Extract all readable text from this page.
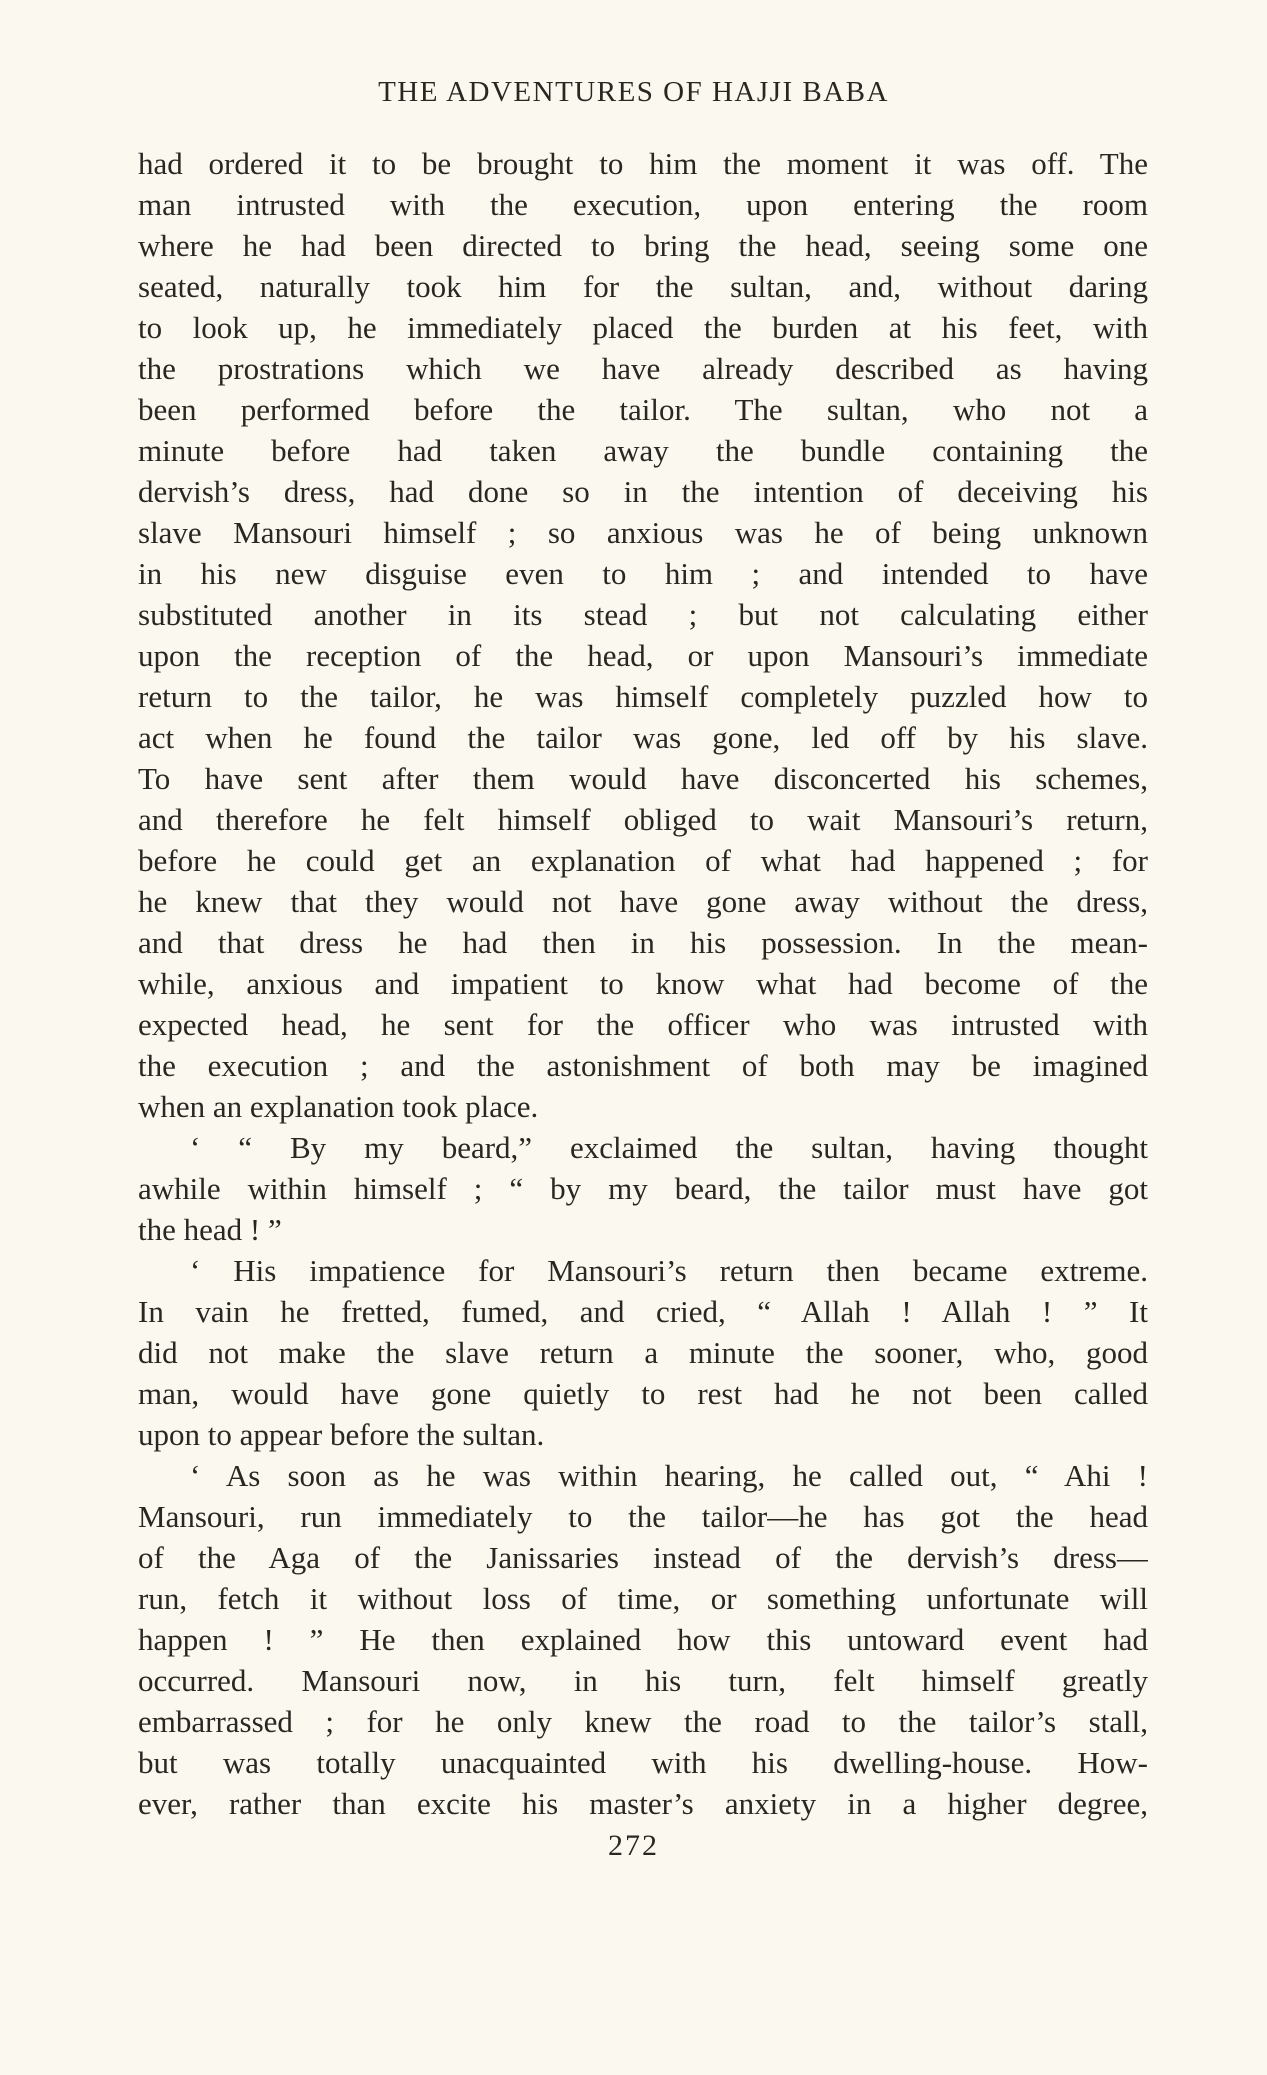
THE ADVENTURES OF HAJJI BABA
had ordered it to be brought to him the moment it was off. The
man intrusted with the execution, upon entering the room
where he had been directed to bring the head, seeing some one
seated, naturally took him for the sultan, and, without daring
to look up, he immediately placed the burden at his feet, with
the prostrations which we have already described as having
been performed before the tailor. The sultan, who not a
minute before had taken away the bundle containing the
dervish’s dress, had done so in the intention of deceiving his
slave Mansouri himself ; so anxious was he of being unknown
in his new disguise even to him ; and intended to have
substituted another in its stead ; but not calculating either
upon the reception of the head, or upon Mansouri’s immediate
return to the tailor, he was himself completely puzzled how to
act when he found the tailor was gone, led off by his slave.
To have sent after them would have disconcerted his schemes,
and therefore he felt himself obliged to wait Mansouri’s return,
before he could get an explanation of what had happened ; for
he knew that they would not have gone away without the dress,
and that dress he had then in his possession. In the mean-
while, anxious and impatient to know what had become of the
expected head, he sent for the officer who was intrusted with
the execution ; and the astonishment of both may be imagined
when an explanation took place.
‘ “ By my beard,” exclaimed the sultan, having thought
awhile within himself ; “ by my beard, the tailor must have got
the head ! ”
‘ His impatience for Mansouri’s return then became extreme.
In vain he fretted, fumed, and cried, “ Allah ! Allah ! ” It
did not make the slave return a minute the sooner, who, good
man, would have gone quietly to rest had he not been called
upon to appear before the sultan.
‘ As soon as he was within hearing, he called out, “ Ahi !
Mansouri, run immediately to the tailor—he has got the head
of the Aga of the Janissaries instead of the dervish’s dress—
run, fetch it without loss of time, or something unfortunate will
happen ! ” He then explained how this untoward event had
occurred. Mansouri now, in his turn, felt himself greatly
embarrassed ; for he only knew the road to the tailor’s stall,
but was totally unacquainted with his dwelling-house. How-
ever, rather than excite his master’s anxiety in a higher degree,
272
